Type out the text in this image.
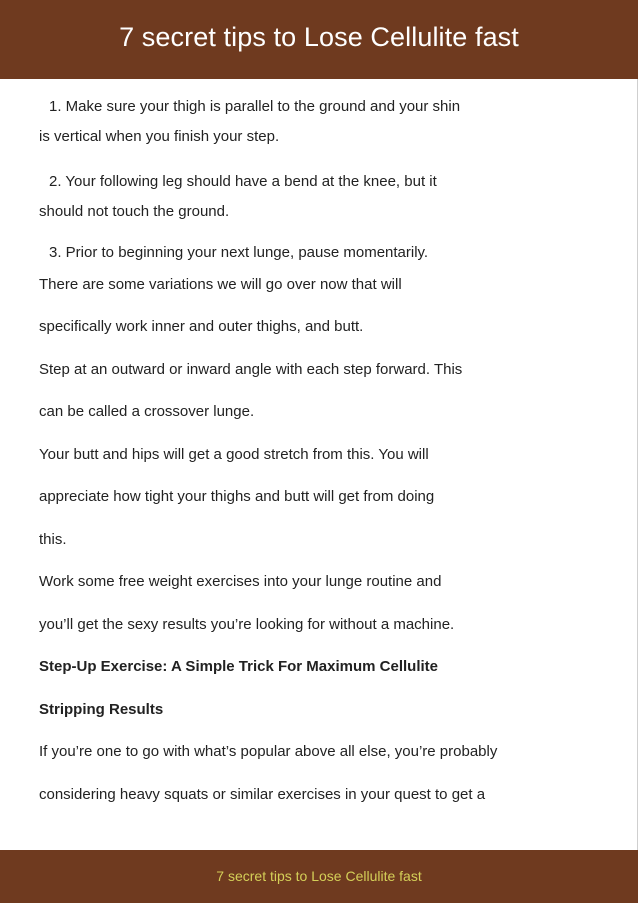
7 secret tips to Lose Cellulite fast
1. Make sure your thigh is parallel to the ground and your shin
is vertical when you finish your step.
2. Your following leg should have a bend at the knee, but it
should not touch the ground.
3. Prior to beginning your next lunge, pause momentarily.
There are some variations we will go over now that will
specifically work inner and outer thighs, and butt.
Step at an outward or inward angle with each step forward. This
can be called a crossover lunge.
Your butt and hips will get a good stretch from this. You will
appreciate how tight your thighs and butt will get from doing
this.
Work some free weight exercises into your lunge routine and
you’ll get the sexy results you’re looking for without a machine.
Step-Up Exercise: A Simple Trick For Maximum Cellulite
Stripping Results
If you’re one to go with what’s popular above all else, you’re probably
considering heavy squats or similar exercises in your quest to get a
7 secret tips to Lose Cellulite fast
